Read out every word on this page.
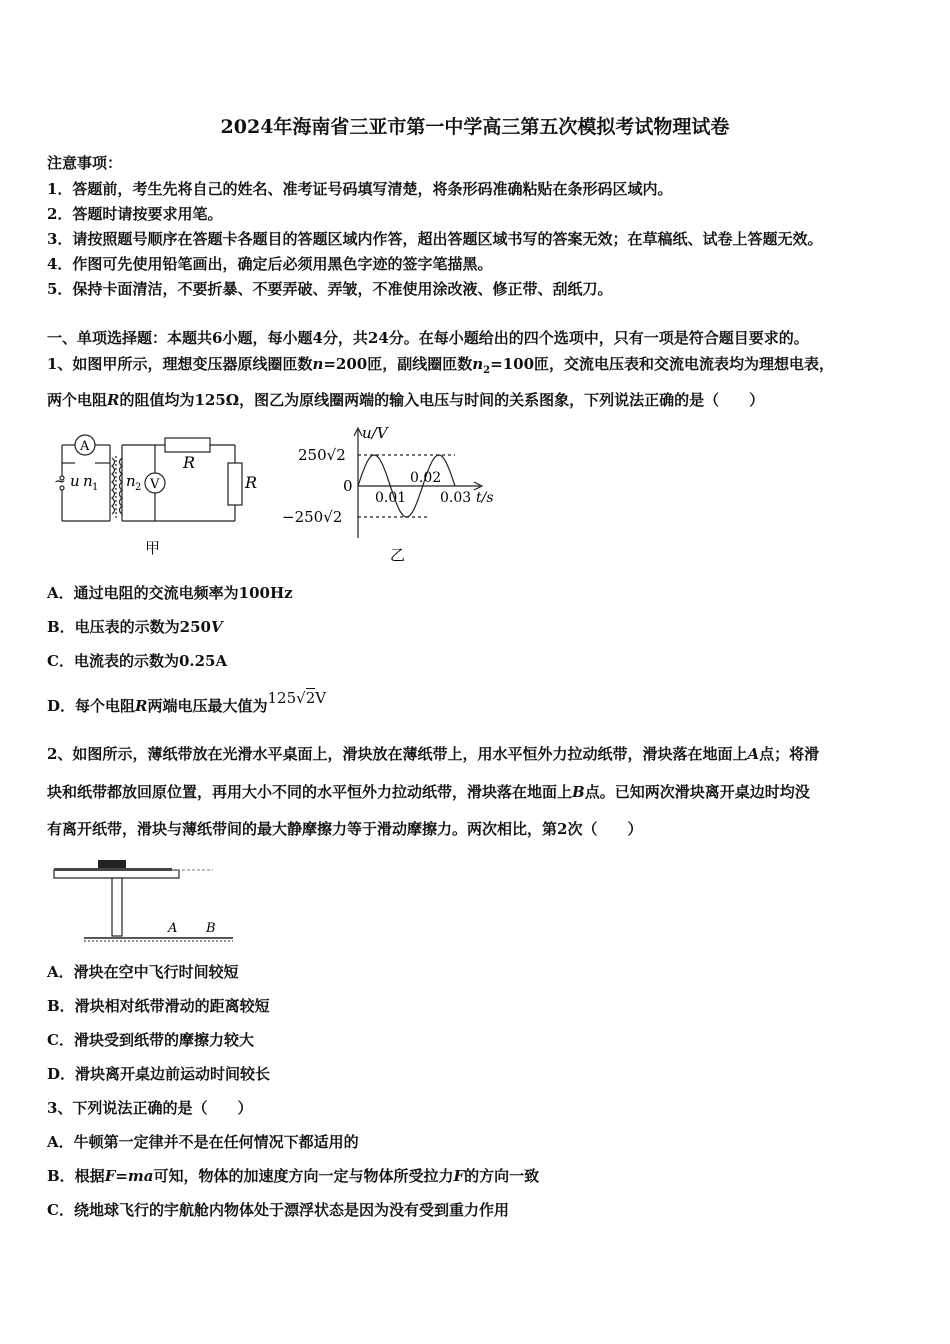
2024年海南省三亚市第一中学高三第五次模拟考试物理试卷
注意事项：
1．答题前，考生先将自己的姓名、准考证号码填写清楚，将条形码准确粘贴在条形码区域内。
2．答题时请按要求用笔。
3．请按照题号顺序在答题卡各题目的答题区域内作答，超出答题区域书写的答案无效；在草稿纸、试卷上答题无效。
4．作图可先使用铅笔画出，确定后必须用黑色字迹的签字笔描黑。
5．保持卡面清洁，不要折暴、不要弄破、弄皱，不准使用涂改液、修正带、刮纸刀。
一、单项选择题：本题共6小题，每小题4分，共24分。在每小题给出的四个选项中，只有一项是符合题目要求的。
1、如图甲所示，理想变压器原线圈匝数n=200匝，副线圈匝数$n_2=100$匝，交流电压表和交流电流表均为理想电表，
两个电阻R的阻值均为125Ω，图乙为原线圈两端的输入电压与时间的关系图象，下列说法正确的是（　　）
A
V
~ u n 1 n 2
R
R
甲
u/V
t/s
250√2
−250√2
0
0.01
0.02
0.03
乙
A．通过电阻的交流电频率为100Hz
B．电压表的示数为250V
C．电流表的示数为0.25A
D．每个电阻R两端电压最大值为125√2V
2、如图所示，薄纸带放在光滑水平桌面上，滑块放在薄纸带上，用水平恒外力拉动纸带，滑块落在地面上A点；将滑
块和纸带都放回原位置，再用大小不同的水平恒外力拉动纸带，滑块落在地面上B点。已知两次滑块离开桌边时均没
有离开纸带，滑块与薄纸带间的最大静摩擦力等于滑动摩擦力。两次相比，第2次（　　）
A B
A．滑块在空中飞行时间较短
B．滑块相对纸带滑动的距离较短
C．滑块受到纸带的摩擦力较大
D．滑块离开桌边前运动时间较长
3、下列说法正确的是（　　）
A．牛顿第一定律并不是在任何情况下都适用的
B．根据F=ma可知，物体的加速度方向一定与物体所受拉力F的方向一致
C．绕地球飞行的宇航舱内物体处于漂浮状态是因为没有受到重力作用
